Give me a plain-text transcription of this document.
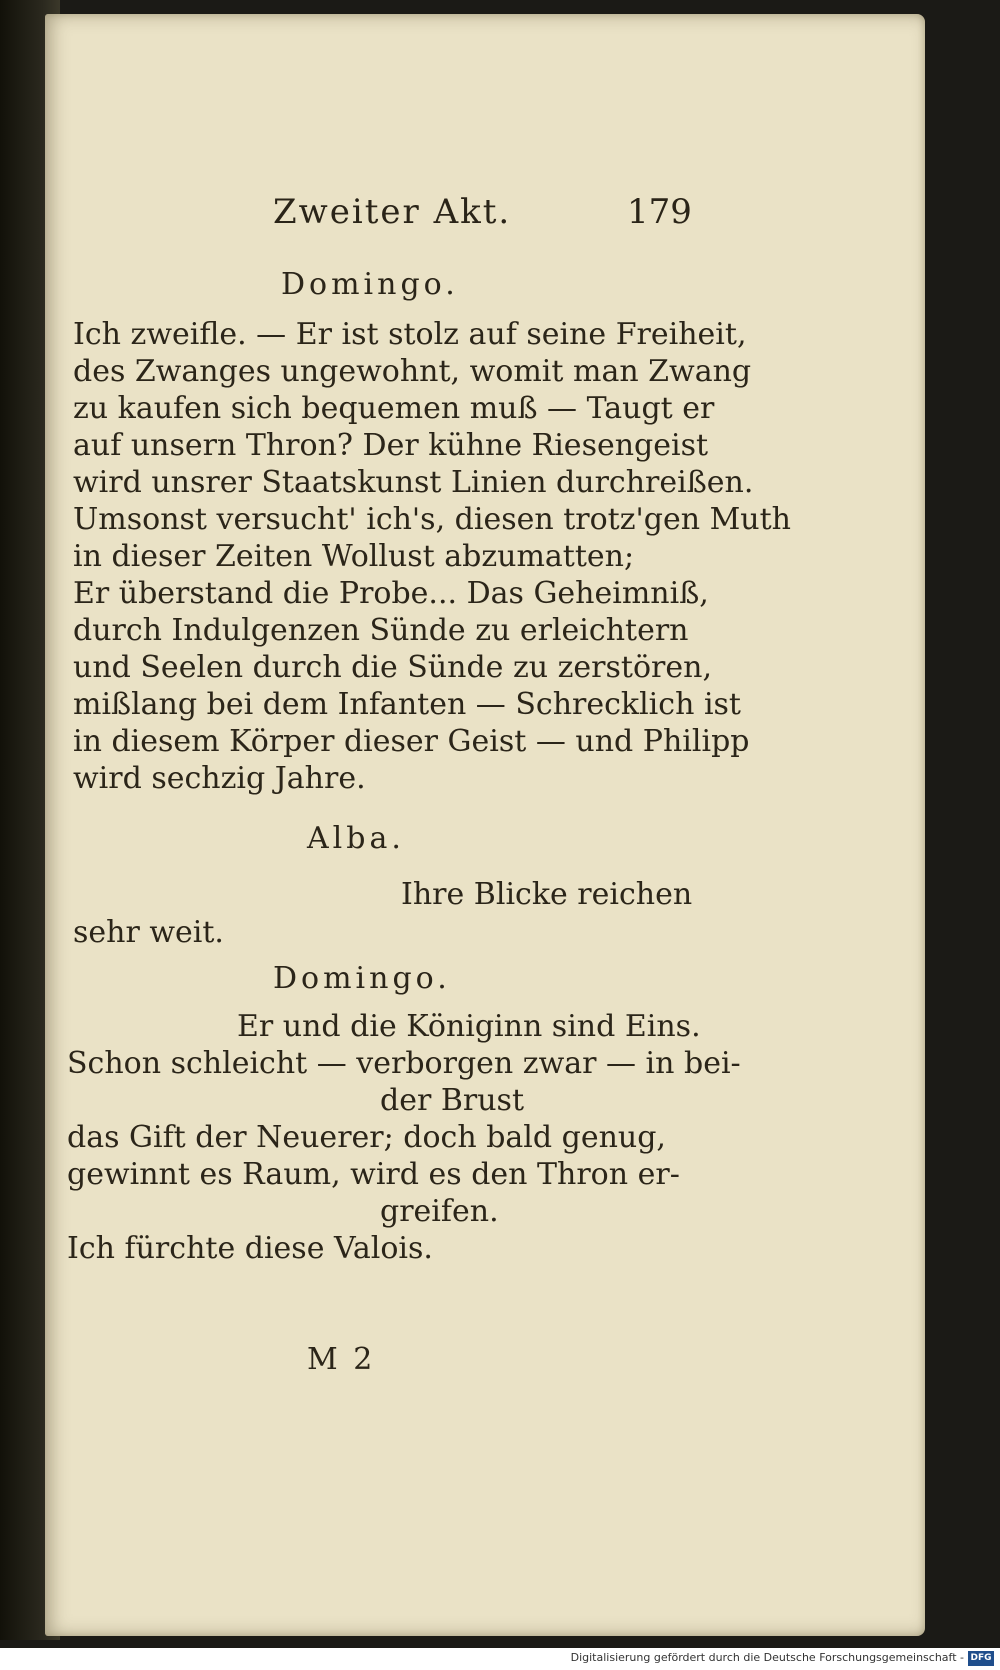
Zweiter Akt.	179
Domingo.
Ich zweifle. — Er ist stolz auf seine Freiheit,
des Zwanges ungewohnt, womit man Zwang
zu kaufen sich bequemen muß — Taugt er
auf unsern Thron? Der kühne Riesengeist
wird unsrer Staatskunst Linien durchreißen.
Umsonst versucht' ich's, diesen trotz'gen Muth
in dieser Zeiten Wollust abzumatten;
Er überstand die Probe... Das Geheimniß,
durch Indulgenzen Sünde zu erleichtern
und Seelen durch die Sünde zu zerstören,
mißlang bei dem Infanten — Schrecklich ist
in diesem Körper dieser Geist — und Philipp
wird sechzig Jahre.
Alba.
Ihre Blicke reichen
sehr weit.
Domingo.
Er und die Königinn sind Eins.
Schon schleicht — verborgen zwar — in bei-
der Brust
das Gift der Neuerer; doch bald genug,
gewinnt es Raum, wird es den Thron er-
greifen.
Ich fürchte diese Valois.
M 2
Digitalisierung gefördert durch die Deutsche Forschungsgemeinschaft - DFG
